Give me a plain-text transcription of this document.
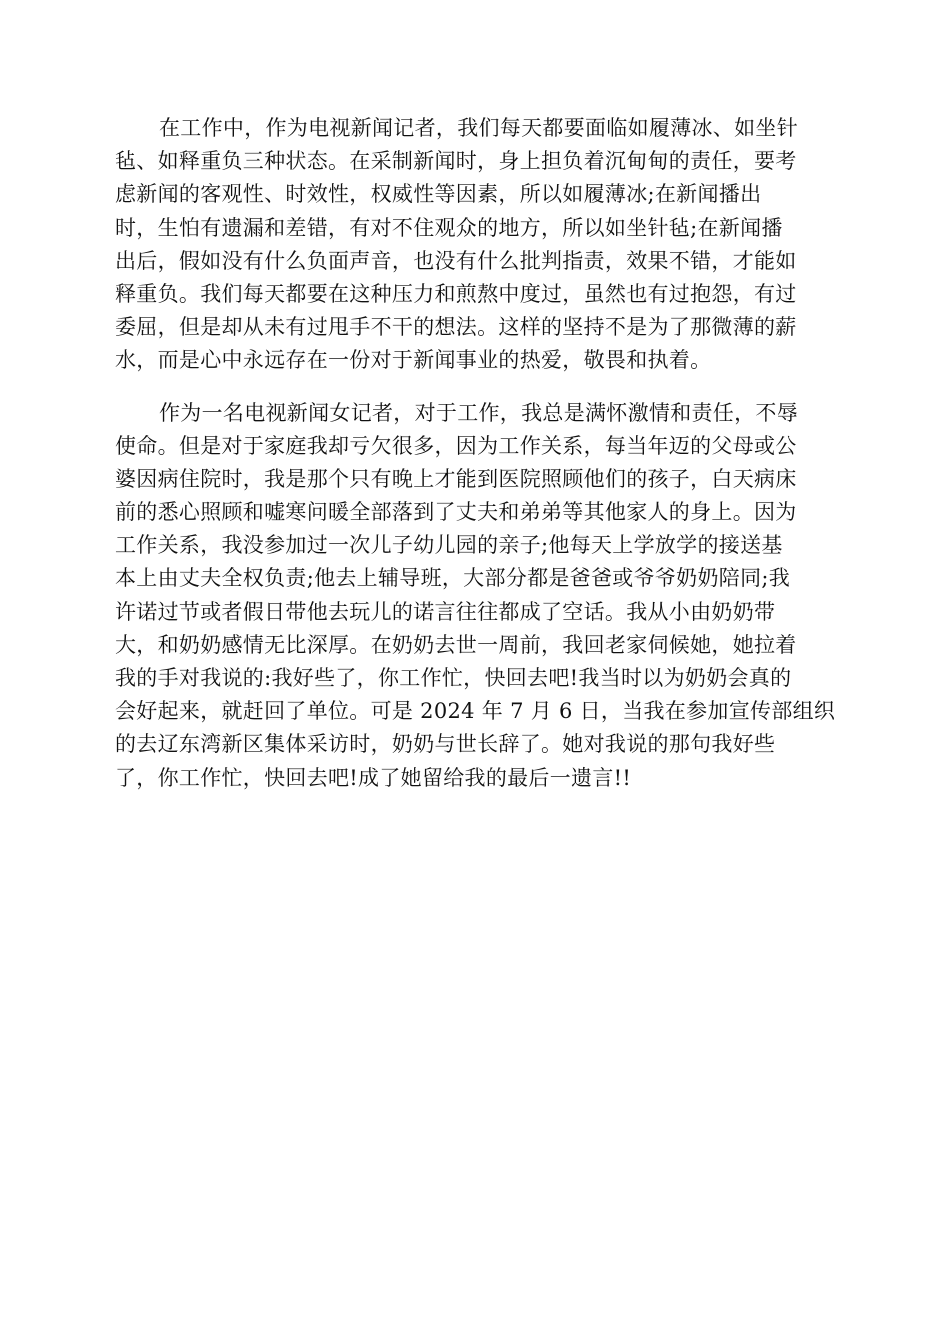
在工作中，作为电视新闻记者，我们每天都要面临如履薄冰、如坐针
毡、如释重负三种状态。在采制新闻时，身上担负着沉甸甸的责任，要考
虑新闻的客观性、时效性，权威性等因素，所以如履薄冰;在新闻播出
时，生怕有遗漏和差错，有对不住观众的地方，所以如坐针毡;在新闻播
出后，假如没有什么负面声音，也没有什么批判指责，效果不错，才能如
释重负。我们每天都要在这种压力和煎熬中度过，虽然也有过抱怨，有过
委屈，但是却从未有过甩手不干的想法。这样的坚持不是为了那微薄的薪
水，而是心中永远存在一份对于新闻事业的热爱，敬畏和执着。
作为一名电视新闻女记者，对于工作，我总是满怀激情和责任，不辱
使命。但是对于家庭我却亏欠很多，因为工作关系，每当年迈的父母或公
婆因病住院时，我是那个只有晚上才能到医院照顾他们的孩子，白天病床
前的悉心照顾和嘘寒问暖全部落到了丈夫和弟弟等其他家人的身上。因为
工作关系，我没参加过一次儿子幼儿园的亲子;他每天上学放学的接送基
本上由丈夫全权负责;他去上辅导班，大部分都是爸爸或爷爷奶奶陪同;我
许诺过节或者假日带他去玩儿的诺言往往都成了空话。我从小由奶奶带
大，和奶奶感情无比深厚。在奶奶去世一周前，我回老家伺候她，她拉着
我的手对我说的:我好些了，你工作忙，快回去吧!我当时以为奶奶会真的
会好起来，就赶回了单位。可是 2024 年 7 月 6 日，当我在参加宣传部组织
的去辽东湾新区集体采访时，奶奶与世长辞了。她对我说的那句我好些
了，你工作忙，快回去吧!成了她留给我的最后一遗言!!
